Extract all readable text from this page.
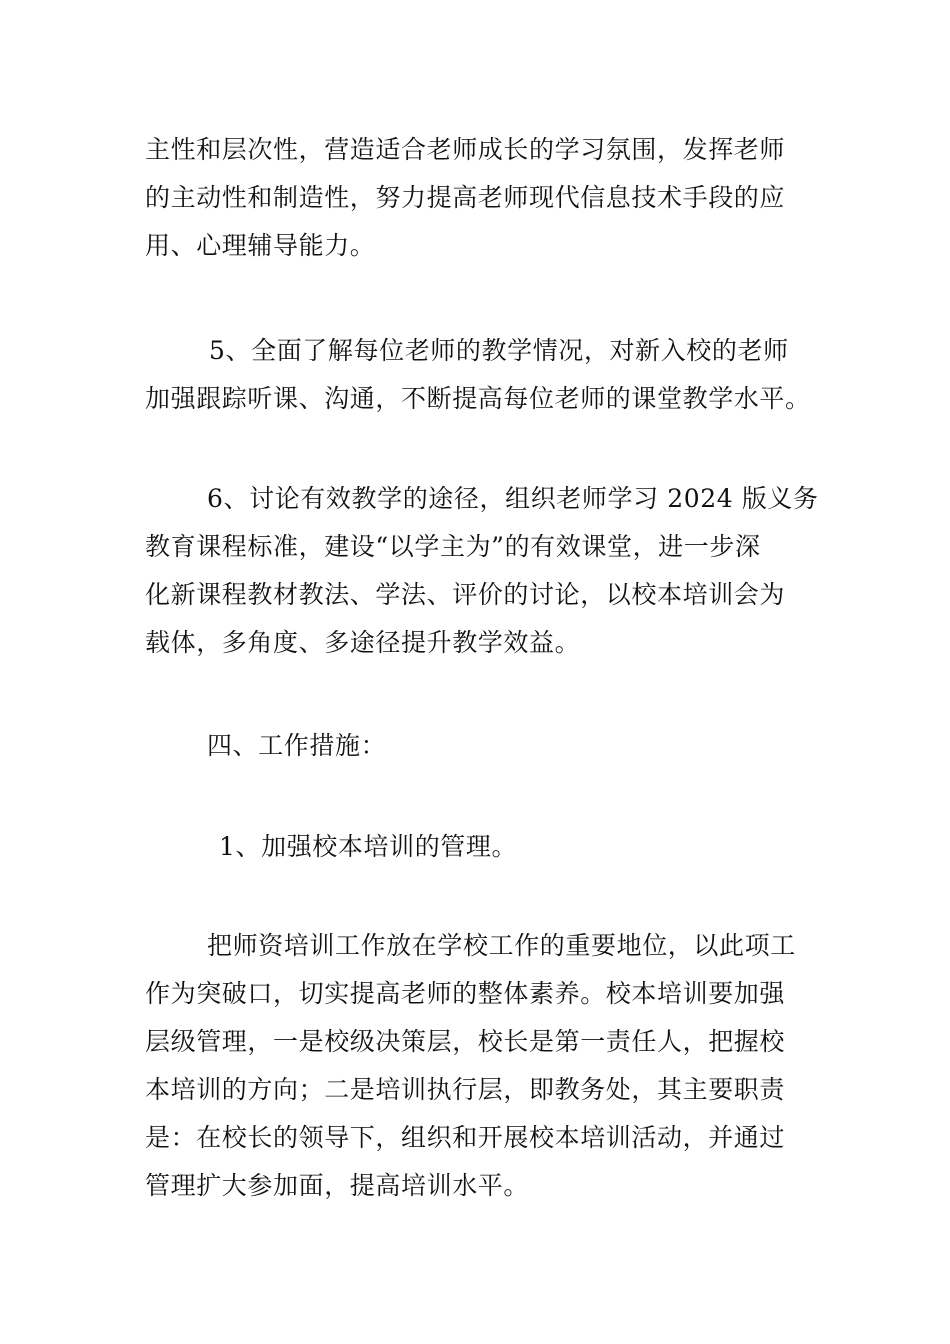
主性和层次性，营造适合老师成长的学习氛围，发挥老师
的主动性和制造性，努力提高老师现代信息技术手段的应
用、心理辅导能力。

5、全面了解每位老师的教学情况，对新入校的老师
加强跟踪听课、沟通，不断提高每位老师的课堂教学水平。

6、讨论有效教学的途径，组织老师学习 2024 版义务
教育课程标准，建设“以学主为”的有效课堂，进一步深
化新课程教材教法、学法、评价的讨论，以校本培训会为
载体，多角度、多途径提升教学效益。

四、工作措施：

1、加强校本培训的管理。

把师资培训工作放在学校工作的重要地位，以此项工
作为突破口，切实提高老师的整体素养。校本培训要加强
层级管理，一是校级决策层，校长是第一责任人，把握校
本培训的方向；二是培训执行层，即教务处，其主要职责
是：在校长的领导下，组织和开展校本培训活动，并通过
管理扩大参加面，提高培训水平。
